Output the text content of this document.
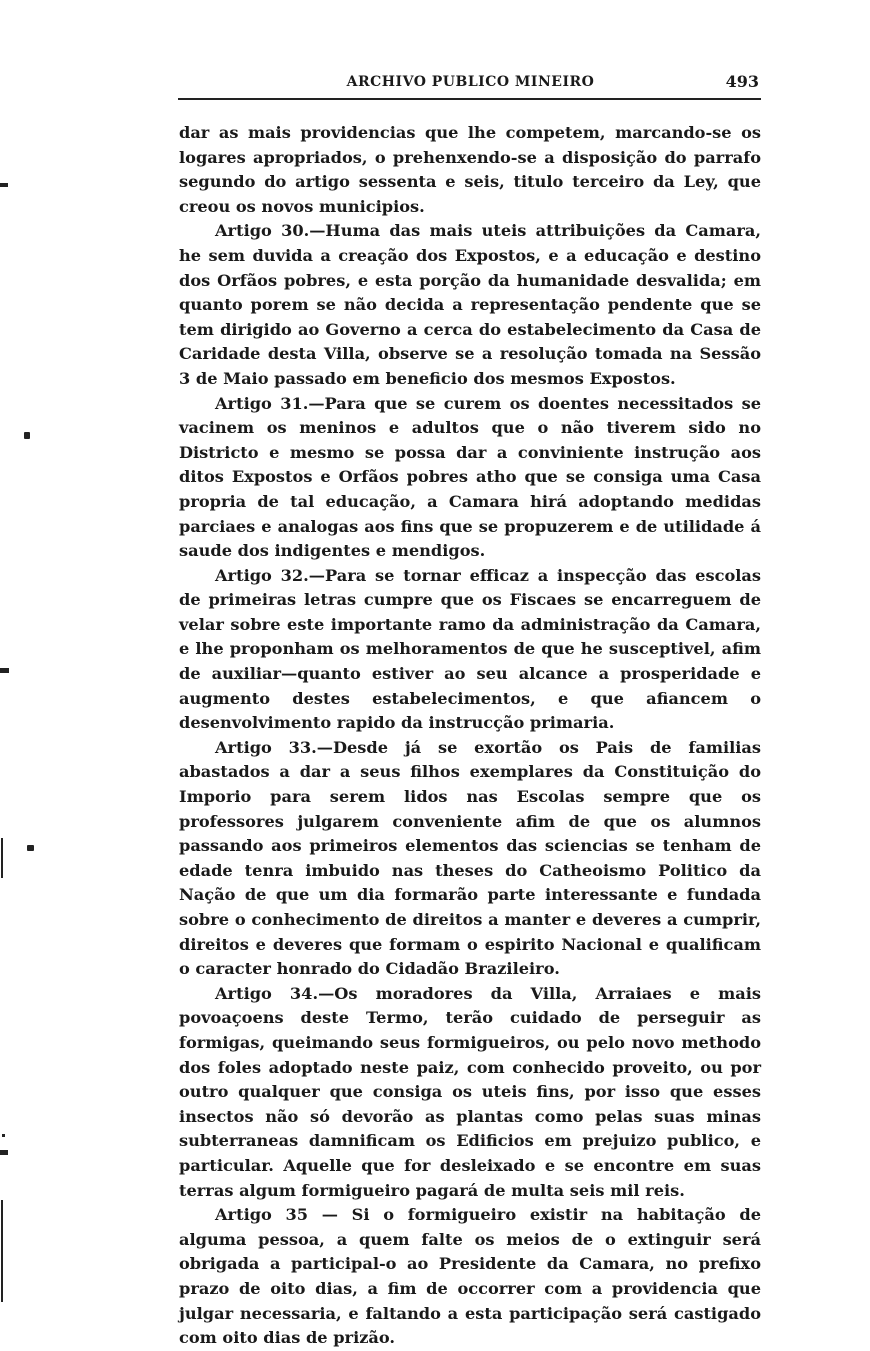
ARCHIVO PUBLICO MINEIRO	493

dar as mais providencias que lhe competem, marcando-se os logares apropriados, o prehenxendo-se a disposição do parrafo segundo do artigo sessenta e seis, titulo terceiro da Ley, que creou os novos municipios.

Artigo 30.—Huma das mais uteis attribuições da Camara, he sem duvida a creação dos Expostos, e a educação e destino dos Orfãos pobres, e esta porção da humanidade desvalida; em quanto porem se não decida a representação pendente que se tem dirigido ao Governo a cerca do estabelecimento da Casa de Caridade desta Villa, observe se a resolução tomada na Sessão 3 de Maio passado em beneficio dos mesmos Expostos.

Artigo 31.—Para que se curem os doentes necessitados se vacinem os meninos e adultos que o não tiverem sido no Districto e mesmo se possa dar a conviniente instrução aos ditos Expostos e Orfãos pobres atho que se consiga uma Casa propria de tal educação, a Camara hirá adoptando medidas parciaes e analogas aos fins que se propuzerem e de utilidade á saude dos indigentes e mendigos.

Artigo 32.—Para se tornar efficaz a inspecção das escolas de primeiras letras cumpre que os Fiscaes se encarreguem de velar sobre este importante ramo da administração da Camara, e lhe proponham os melhoramentos de que he susceptivel, afim de auxiliar—quanto estiver ao seu alcance a prosperidade e augmento destes estabelecimentos, e que afiancem o desenvolvimento rapido da instrucção primaria.

Artigo 33.—Desde já se exortão os Pais de familias abastados a dar a seus filhos exemplares da Constituição do Imporio para serem lidos nas Escolas sempre que os professores julgarem conveniente afim de que os alumnos passando aos primeiros elementos das sciencias se tenham de edade tenra imbuido nas theses do Catheoismo Politico da Nação de que um dia formarão parte interessante e fundada sobre o conhecimento de direitos a manter e deveres a cumprir, direitos e deveres que formam o espirito Nacional e qualificam o caracter honrado do Cidadão Brazileiro.

Artigo 34.—Os moradores da Villa, Arraiaes e mais povoaçoens deste Termo, terão cuidado de perseguir as formigas, queimando seus formigueiros, ou pelo novo methodo dos foles adoptado neste paiz, com conhecido proveito, ou por outro qualquer que consiga os uteis fins, por isso que esses insectos não só devorão as plantas como pelas suas minas subterraneas damnificam os Edificios em prejuizo publico, e particular. Aquelle que for desleixado e se encontre em suas terras algum formigueiro pagará de multa seis mil reis.

Artigo 35 — Si o formigueiro existir na habitação de alguma pessoa, a quem falte os meios de o extinguir será obrigada a participal-o ao Presidente da Camara, no prefixo prazo de oito dias, a fim de occorrer com a providencia que julgar necessaria, e faltando a esta participação será castigado com oito dias de prizão.
